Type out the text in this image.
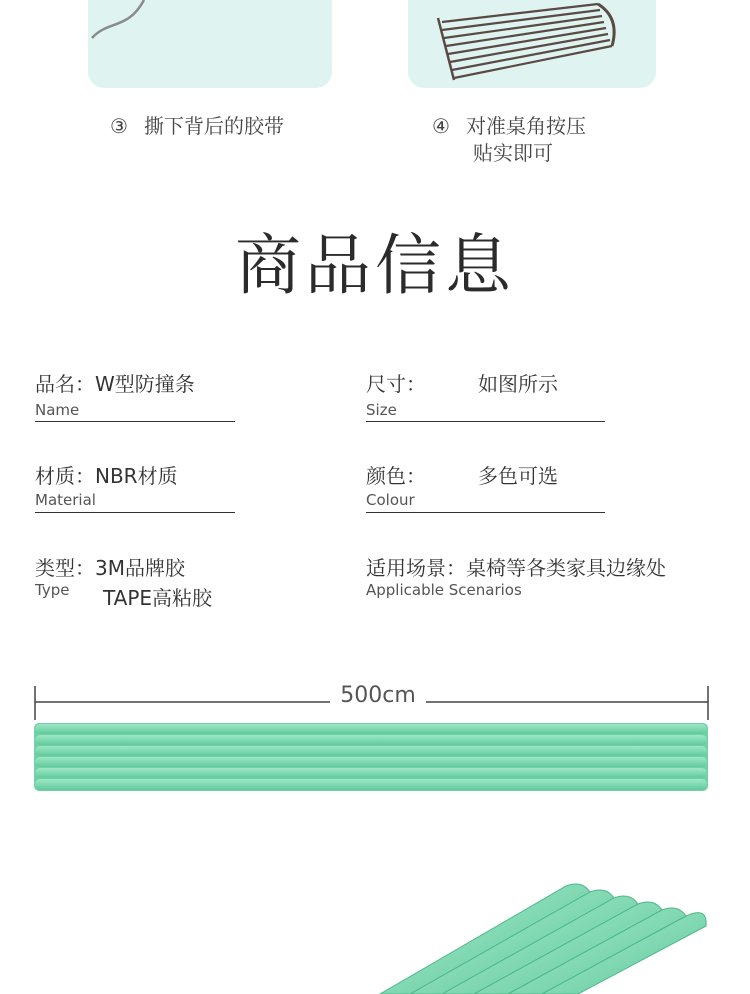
③ 撕下背后的胶带	④ 对准桌角按压
贴实即可
商品信息
品名：W型防撞条
Name
尺寸：	如图所示
Size
材质：NBR材质
Material
颜色：	多色可选
Colour
类型：3M品牌胶
Type TAPE高粘胶
适用场景：桌椅等各类家具边缘处
Applicable Scenarios
500cm
